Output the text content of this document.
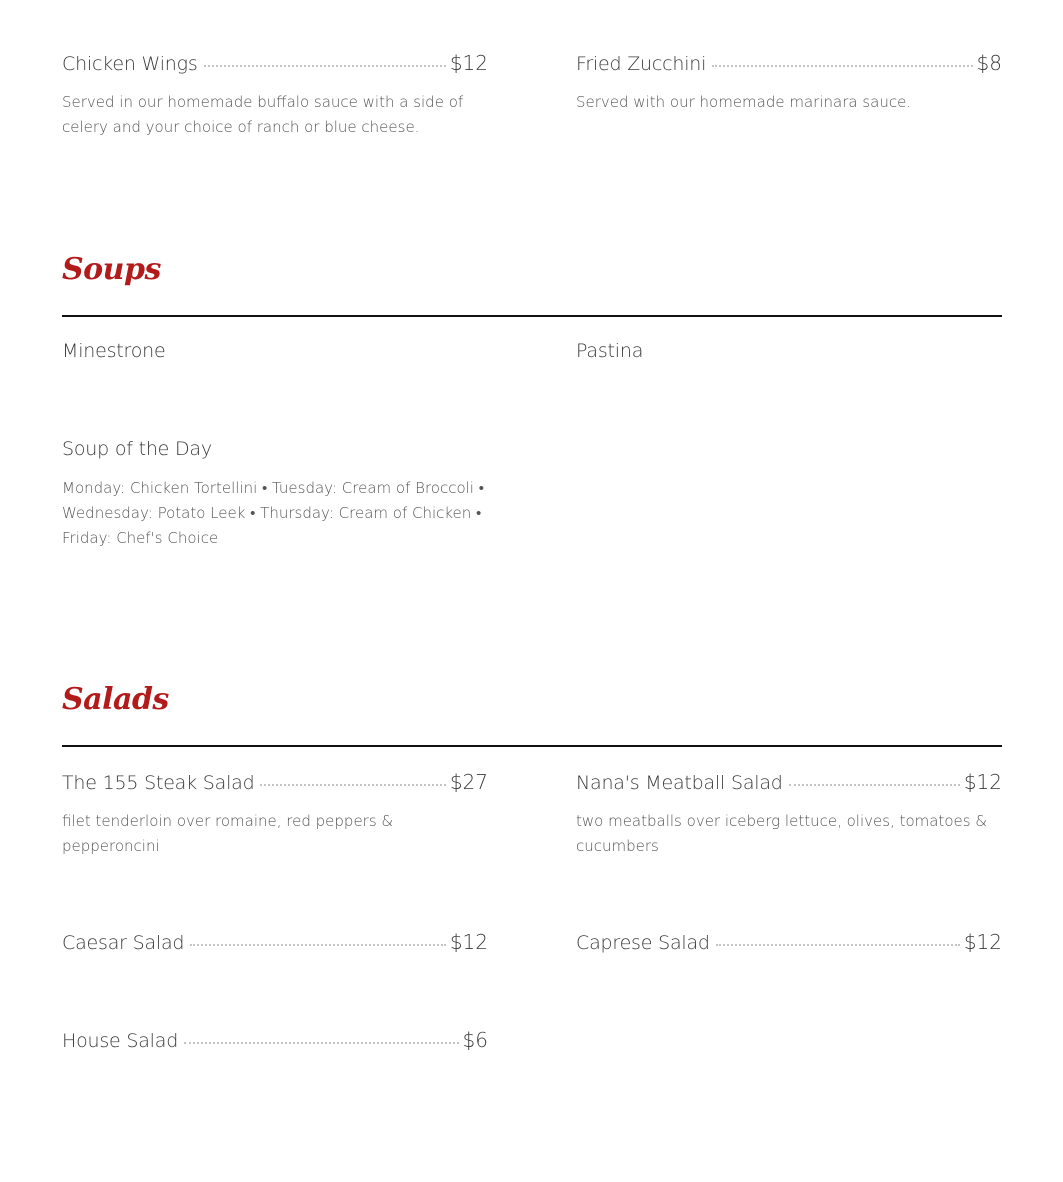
Chicken Wings	$12
Served in our homemade buffalo sauce with a side of celery and your choice of ranch or blue cheese.
Fried Zucchini	$8
Served with our homemade marinara sauce.
Soups
Minestrone	Pastina
Soup of the Day
Monday: Chicken Tortellini • Tuesday: Cream of Broccoli • Wednesday: Potato Leek • Thursday: Cream of Chicken • Friday: Chef's Choice
Salads
The 155 Steak Salad	$27
filet tenderloin over romaine, red peppers & pepperoncini
Nana's Meatball Salad	$12
two meatballs over iceberg lettuce, olives, tomatoes & cucumbers
Caesar Salad	$12	Caprese Salad	$12
House Salad	$6
